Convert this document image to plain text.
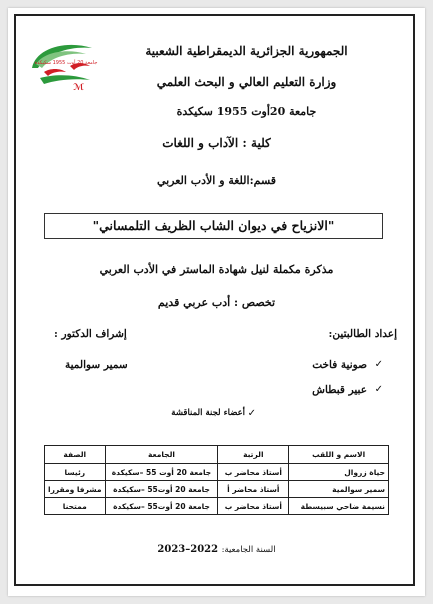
جامعة 20 أوت 1955 سكيكدة
ℳ
الجمهورية الجزائرية الديمقراطية الشعبية
وزارة التعليم العالي و البحث العلمي
جامعة 20أوت 1955 سكيكدة
كلية : الآداب و اللغات
قسم:اللغة و الأدب العربي
"الانزياح في ديوان الشاب الظريف التلمساني"
مذكرة مكملة لنيل شهادة الماستر في الأدب العربي
تخصص : أدب عربي قديم
إعداد الطالبتين:
إشراف الدكتور :
✓
صونية فاخت
✓
عبير قبطاش
سمير سوالمية
✓
أعضاء لجنة المناقشة
الاسم و اللقب	الرتبة	الجامعة	الصفة
حياة زروال	أستاذ محاضر ب	جامعة 20 أوت 55 –سكيكدة	رئيسا
سمير سوالمية	أستاذ محاضر أ	جامعة 20 أوت55 –سكيكدة	مشرفا ومقررا
نسيمة ضاحي سبيسطة	أستاذ محاضر ب	جامعة 20 أوت55 –سكيكدة	ممتحنا
السنة الجامعية: 2023–2022
